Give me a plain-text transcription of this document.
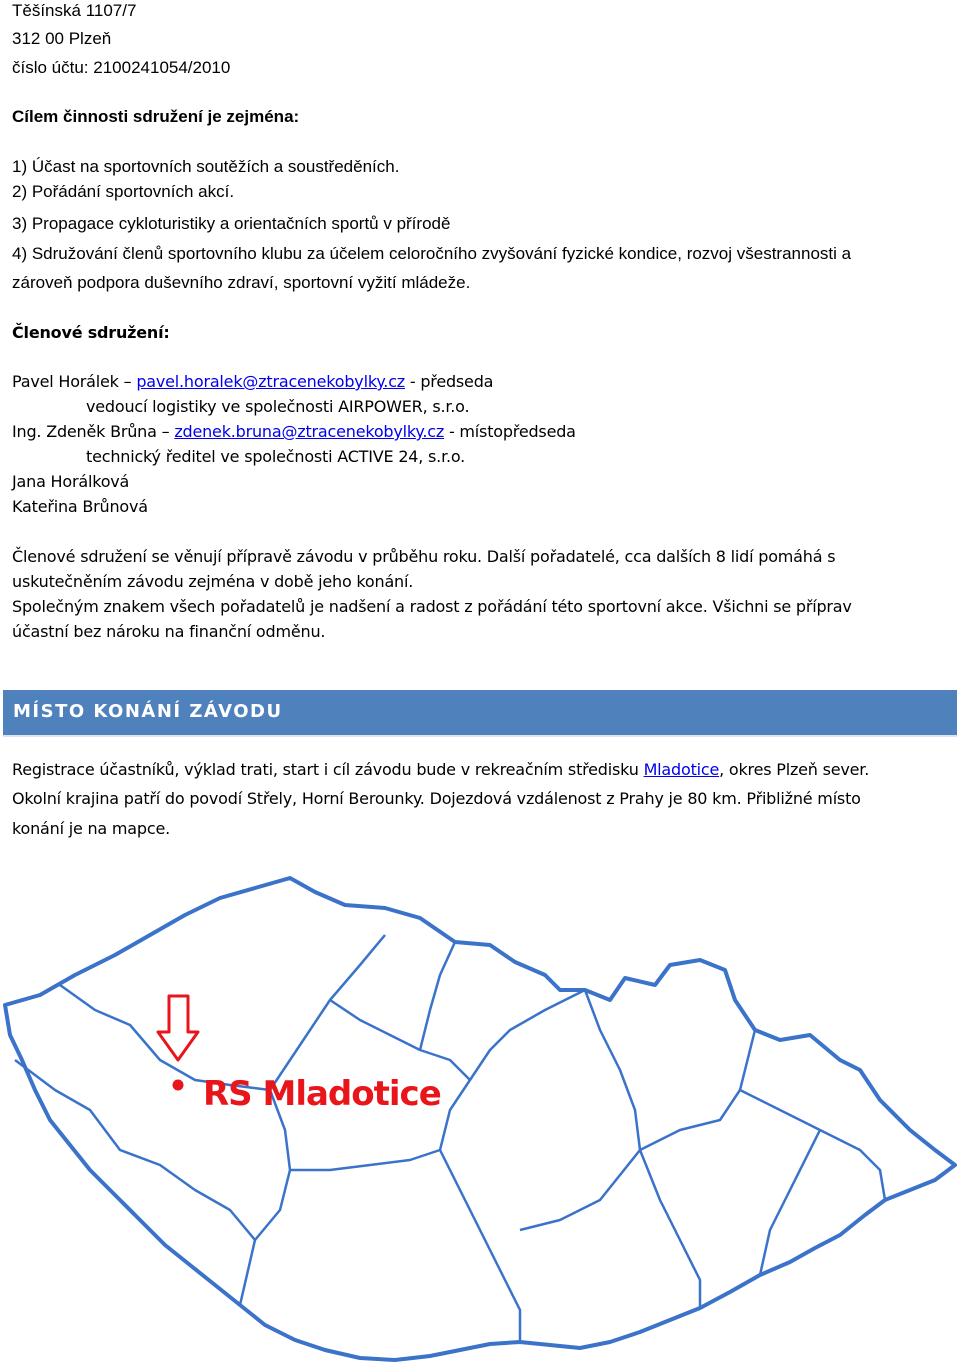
Těšínská 1107/7
312 00 Plzeň
číslo účtu: 2100241054/2010
Cílem činnosti sdružení je zejména:
1) Účast na sportovních soutěžích a soustředěních.
2) Pořádání sportovních akcí.
3) Propagace cykloturistiky a orientačních sportů v přírodě
4) Sdružování členů sportovního klubu za účelem celoročního zvyšování fyzické kondice, rozvoj všestrannosti a
zároveň podpora duševního zdraví, sportovní vyžití mládeže.
Členové sdružení:
Pavel Horálek – pavel.horalek@ztracenekobylky.cz - předseda
vedoucí logistiky ve společnosti AIRPOWER, s.r.o.
Ing. Zdeněk Brůna – zdenek.bruna@ztracenekobylky.cz - místopředseda
technický ředitel ve společnosti ACTIVE 24, s.r.o.
Jana Horálková
Kateřina Brůnová
Členové sdružení se věnují přípravě závodu v průběhu roku. Další pořadatelé, cca dalších 8 lidí pomáhá s
uskutečněním závodu zejména v době jeho konání.
Společným znakem všech pořadatelů je nadšení a radost z pořádání této sportovní akce. Všichni se příprav
účastní bez nároku na finanční odměnu.
MÍSTO KONÁNÍ ZÁVODU
Registrace účastníků, výklad trati, start i cíl závodu bude v rekreačním středisku Mladotice, okres Plzeň sever.
Okolní krajina patří do povodí Střely, Horní Berounky. Dojezdová vzdálenost z Prahy je 80 km. Přibližné místo
konání je na mapce.
RS Mladotice
